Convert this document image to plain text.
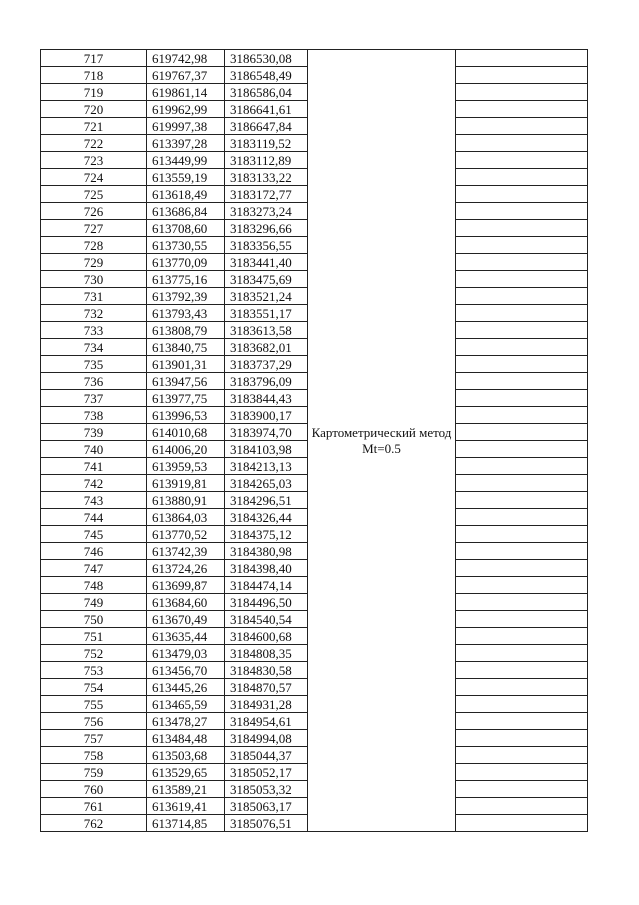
717	619742,98	3186530,08	Картометрический метод Mt=0.5	
718	619767,37	3186548,49		
719	619861,14	3186586,04		
720	619962,99	3186641,61		
721	619997,38	3186647,84		
722	613397,28	3183119,52		
723	613449,99	3183112,89		
724	613559,19	3183133,22		
725	613618,49	3183172,77		
726	613686,84	3183273,24		
727	613708,60	3183296,66		
728	613730,55	3183356,55		
729	613770,09	3183441,40		
730	613775,16	3183475,69		
731	613792,39	3183521,24		
732	613793,43	3183551,17		
733	613808,79	3183613,58		
734	613840,75	3183682,01		
735	613901,31	3183737,29		
736	613947,56	3183796,09		
737	613977,75	3183844,43		
738	613996,53	3183900,17		
739	614010,68	3183974,70		
740	614006,20	3184103,98		
741	613959,53	3184213,13		
742	613919,81	3184265,03		
743	613880,91	3184296,51		
744	613864,03	3184326,44		
745	613770,52	3184375,12		
746	613742,39	3184380,98		
747	613724,26	3184398,40		
748	613699,87	3184474,14		
749	613684,60	3184496,50		
750	613670,49	3184540,54		
751	613635,44	3184600,68		
752	613479,03	3184808,35		
753	613456,70	3184830,58		
754	613445,26	3184870,57		
755	613465,59	3184931,28		
756	613478,27	3184954,61		
757	613484,48	3184994,08		
758	613503,68	3185044,37		
759	613529,65	3185052,17		
760	613589,21	3185053,32		
761	613619,41	3185063,17		
762	613714,85	3185076,51		
